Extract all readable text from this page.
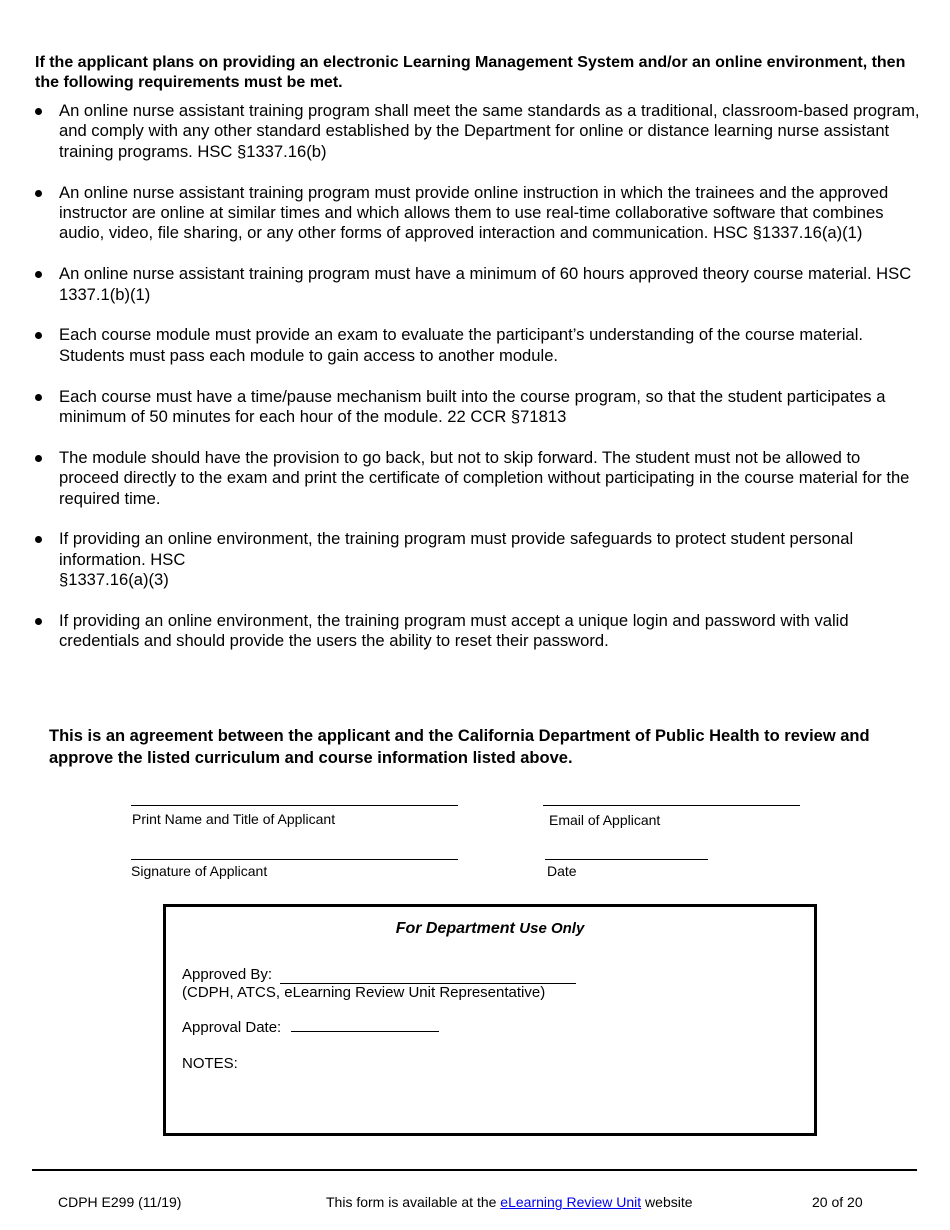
If the applicant plans on providing an electronic Learning Management System and/or an online environment, then the following requirements must be met.
An online nurse assistant training program shall meet the same standards as a traditional, classroom-based program, and comply with any other standard established by the Department for online or distance learning nurse assistant training programs. HSC §1337.16(b)
An online nurse assistant training program must provide online instruction in which the trainees and the approved instructor are online at similar times and which allows them to use real-time collaborative software that combines audio, video, file sharing, or any other forms of approved interaction and communication. HSC §1337.16(a)(1)
An online nurse assistant training program must have a minimum of 60 hours approved theory course material. HSC 1337.1(b)(1)
Each course module must provide an exam to evaluate the participant’s understanding of the course material. Students must pass each module to gain access to another module.
Each course must have a time/pause mechanism built into the course program, so that the student participates a minimum of 50 minutes for each hour of the module. 22 CCR §71813
The module should have the provision to go back, but not to skip forward. The student must not be allowed to proceed directly to the exam and print the certificate of completion without participating in the course material for the required time.
If providing an online environment, the training program must provide safeguards to protect student personal information. HSC
§1337.16(a)(3)
If providing an online environment, the training program must accept a unique login and password with valid credentials and should provide the users the ability to reset their password.
This is an agreement between the applicant and the California Department of Public Health to review and approve the listed curriculum and course information listed above.
Print Name and Title of Applicant	Email of Applicant
Signature of Applicant	Date
For Department Use Only
Approved By:
(CDPH, ATCS, eLearning Review Unit Representative)
Approval Date:
NOTES:
CDPH E299 (11/19)	This form is available at the eLearning Review Unit website	20 of 20
